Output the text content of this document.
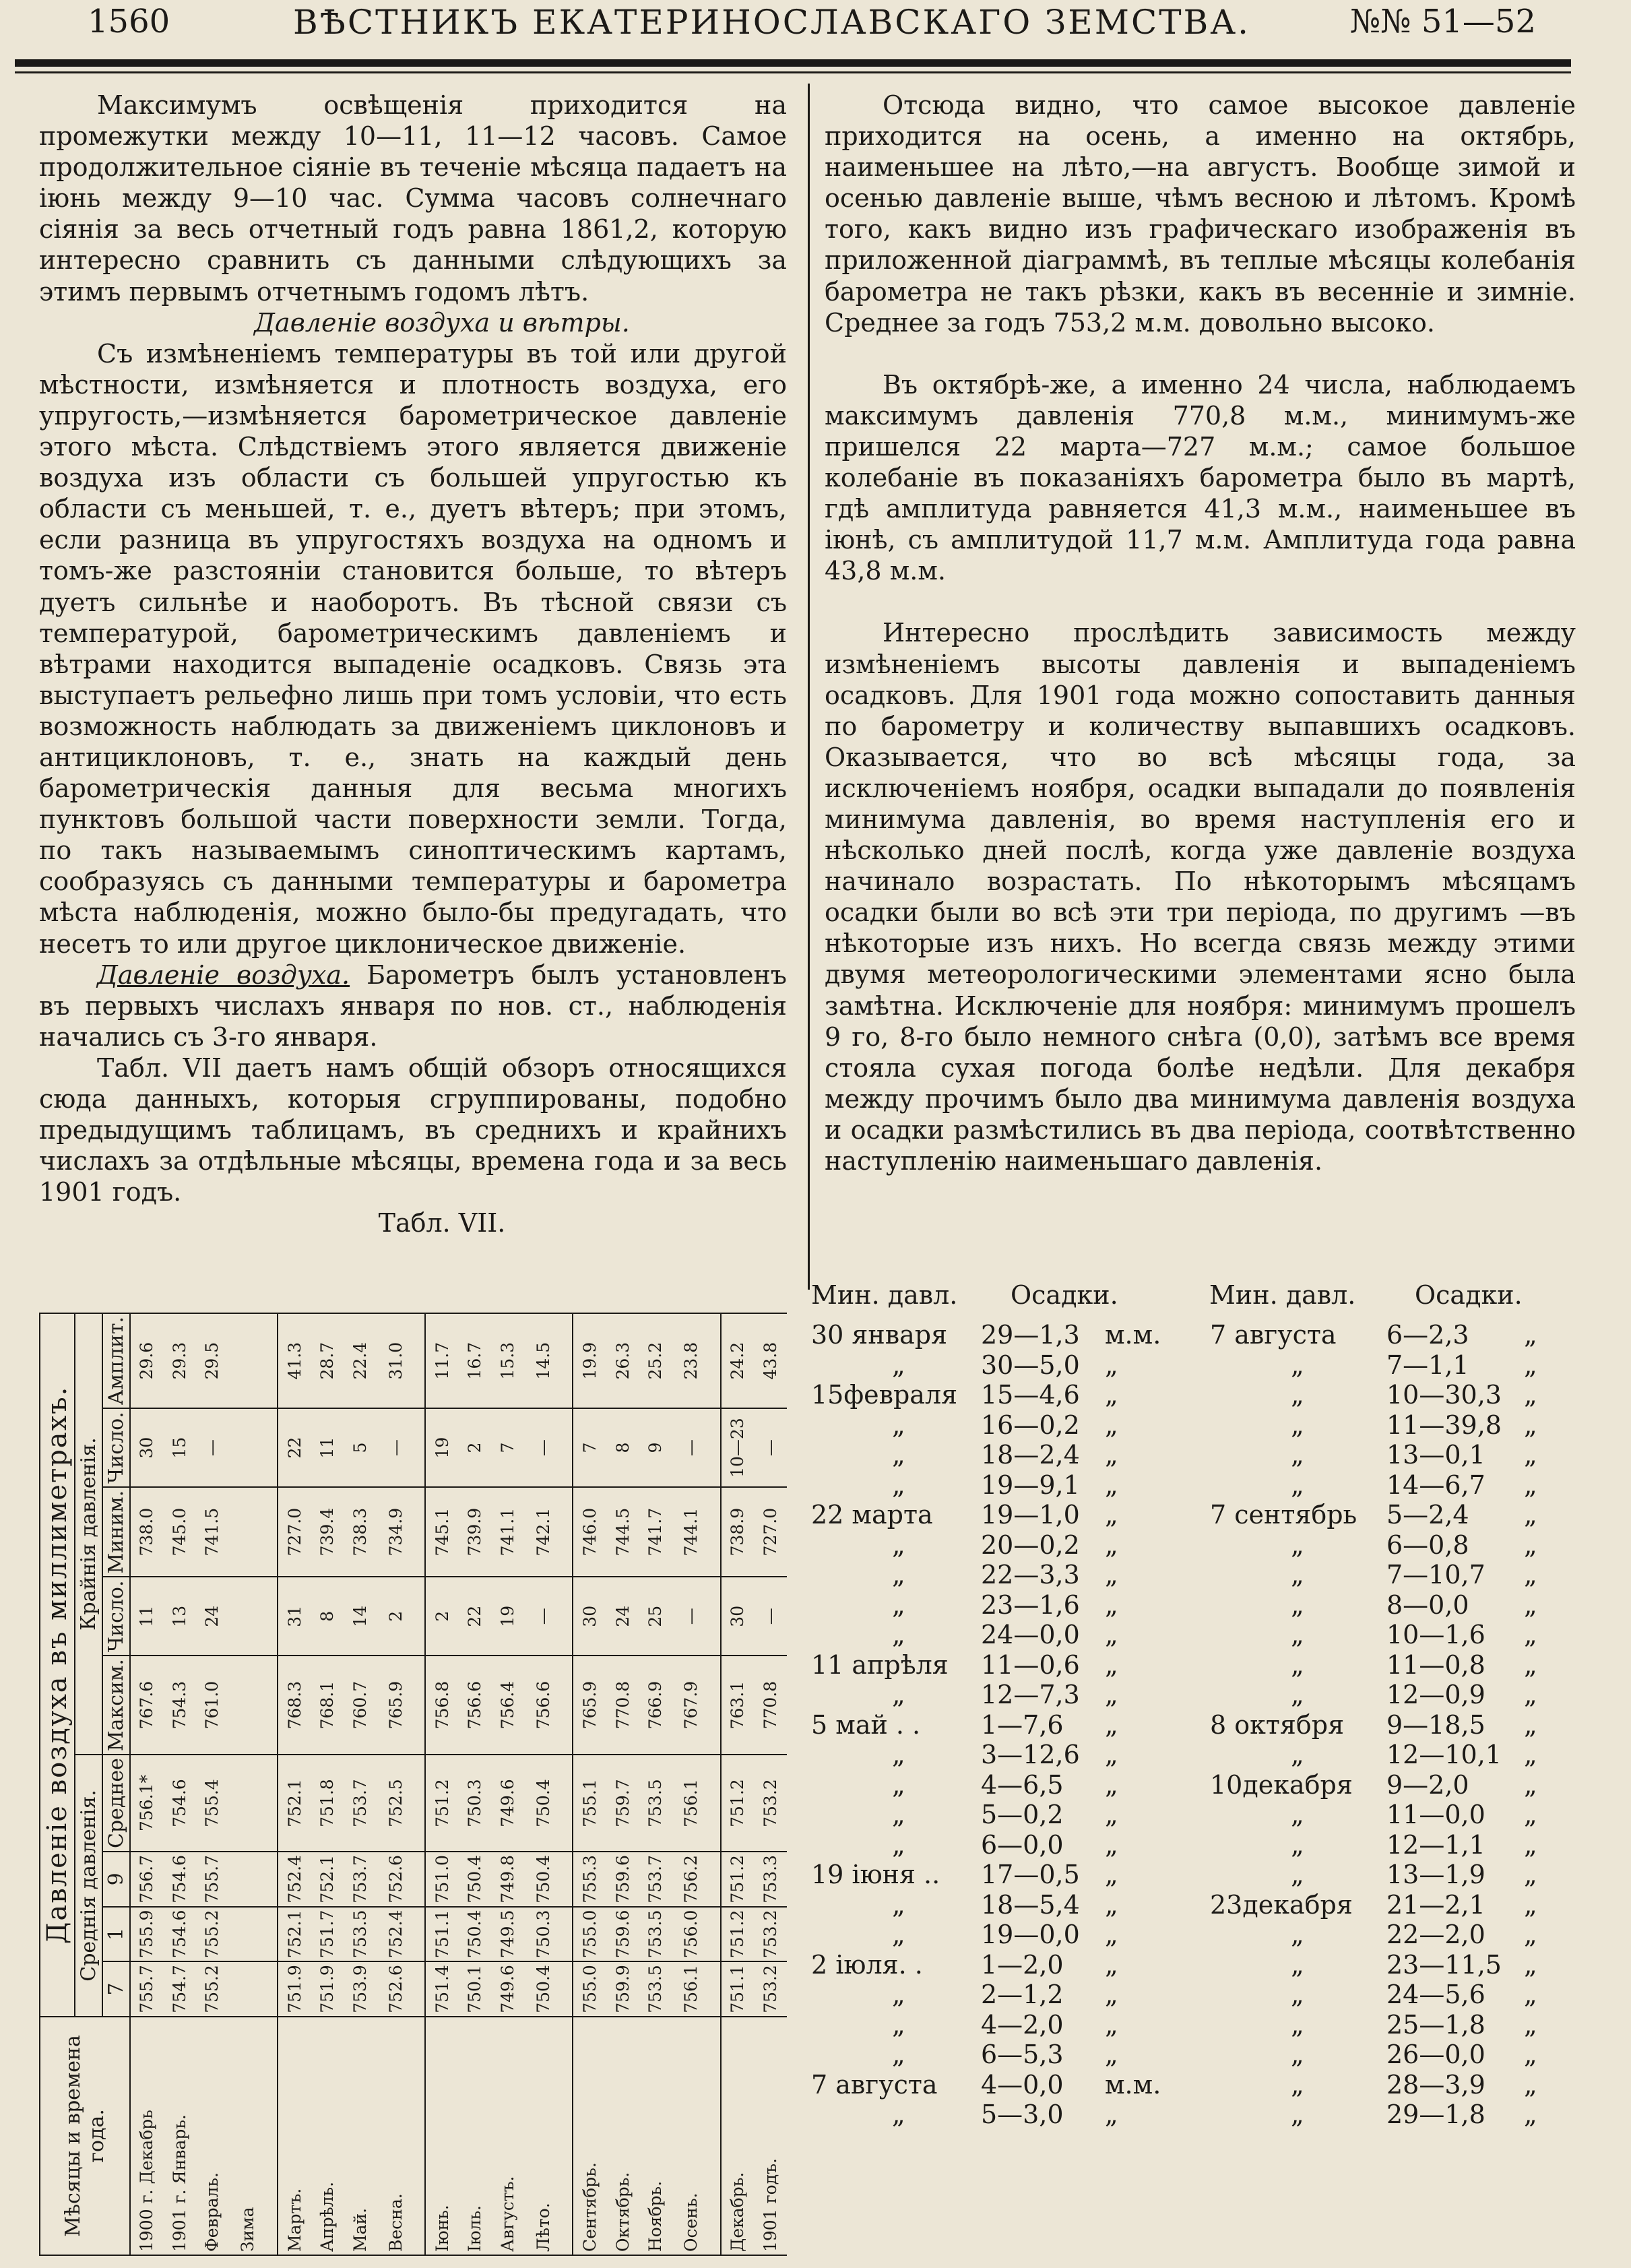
1560	ВѢСТНИКЪ ЕКАТЕРИНОСЛАВСКАГО ЗЕМСТВА.	№№ 51—52

Максимумъ освѣщенія приходится на промежутки между 10—11, 11—12 часовъ. Самое продолжительное сіяніе въ теченіе мѣсяца падаетъ на іюнь между 9—10 час. Сумма часовъ солнечнаго сіянія за весь отчетный годъ равна 1861,2, которую интересно сравнить съ данными слѣдующихъ за этимъ первымъ отчетнымъ годомъ лѣтъ.

Давленіе воздуха и вѣтры.

Съ измѣненіемъ температуры въ той или другой мѣстности, измѣняется и плотность воздуха, его упругость,—измѣняется барометрическое давленіе этого мѣста. Слѣдствіемъ этого является движеніе воздуха изъ области съ большей упругостью къ области съ меньшей, т. е., дуетъ вѣтеръ; при этомъ, если разница въ упругостяхъ воздуха на одномъ и томъ-же разстояніи становится больше, то вѣтеръ дуетъ сильнѣе и наоборотъ. Въ тѣсной связи съ температурой, барометрическимъ давленіемъ и вѣтрами находится выпаденіе осадковъ. Связь эта выступаетъ рельефно лишь при томъ условіи, что есть возможность наблюдать за движеніемъ циклоновъ и антициклоновъ, т. е., знать на каждый день барометрическія данныя для весьма многихъ пунктовъ большой части поверхности земли. Тогда, по такъ называемымъ синоптическимъ картамъ, сообразуясь съ данными температуры и барометра мѣста наблюденія, можно было-бы предугадать, что несетъ то или другое циклоническое движеніе.

Давленіе воздуха. Барометръ былъ установленъ въ первыхъ числахъ января по нов. ст., наблюденія начались съ 3-го января.

Табл. VII даетъ намъ общій обзоръ относящихся сюда данныхъ, которыя сгруппированы, подобно предыдущимъ таблицамъ, въ среднихъ и крайнихъ числахъ за отдѣльные мѣсяцы, времена года и за весь 1901 годъ.

Табл. VII.

Мѣсяцы и времена года.	Давленіе воздуха въ миллиметрахъ.								
	Среднія давленія.				Крайнія давленія.				
	7	1	9	Среднее	Максим.	Число.	Миним.	Число.	Амплит.
1900 г. Декабрь	755.7	755.9	756.7	756.1*	767.6	11	738.0	30	29.6
1901 г. Январь.	754.7	754.6	754.6	754.6	754.3	13	745.0	15	29.3
Февраль.	755.2	755.2	755.7	755.4	761.0	24	741.5	—	29.5
Зима									
Мартъ.	751.9	752.1	752.4	752.1	768.3	31	727.0	22	41.3
Апрѣль.	751.9	751.7	752.1	751.8	768.1	8	739.4	11	28.7
Май.	753.9	753.5	753.7	753.7	760.7	14	738.3	5	22.4
Весна.	752.6	752.4	752.6	752.5	765.9	2	734.9	—	31.0
Іюнь.	751.4	751.1	751.0	751.2	756.8	2	745.1	19	11.7
Іюль.	750.1	750.4	750.4	750.3	756.6	22	739.9	2	16.7
Августъ.	749.6	749.5	749.8	749.6	756.4	19	741.1	7	15.3
Лѣто.	750.4	750.3	750.4	750.4	756.6	—	742.1	—	14.5
Сентябрь.	755.0	755.0	755.3	755.1	765.9	30	746.0	7	19.9
Октябрь.	759.9	759.6	759.6	759.7	770.8	24	744.5	8	26.3
Ноябрь.	753.5	753.5	753.7	753.5	766.9	25	741.7	9	25.2
Осень.	756.1	756.0	756.2	756.1	767.9	—	744.1	—	23.8
Декабрь.	751.1	751.2	751.2	751.2	763.1	30	738.9	10—23	24.2
1901 годъ.	753.2	753.2	753.3	753.2	770.8	—	727.0	—	43.8

Отсюда видно, что самое высокое давленіе приходится на осень, а именно на октябрь, наименьшее на лѣто,—на августъ. Вообще зимой и осенью давленіе выше, чѣмъ весною и лѣтомъ. Кромѣ того, какъ видно изъ графическаго изображенія въ приложенной діаграммѣ, въ теплые мѣсяцы колебанія барометра не такъ рѣзки, какъ въ весенніе и зимніе. Среднее за годъ 753,2 м.м. довольно высоко.

Въ октябрѣ-же, а именно 24 числа, наблюдаемъ максимумъ давленія 770,8 м.м., минимумъ-же пришелся 22 марта—727 м.м.; самое большое колебаніе въ показаніяхъ барометра было въ мартѣ, гдѣ амплитуда равняется 41,3 м.м., наименьшее въ іюнѣ, съ амплитудой 11,7 м.м. Амплитуда года равна 43,8 м.м.

Интересно прослѣдить зависимость между измѣненіемъ высоты давленія и выпаденіемъ осадковъ. Для 1901 года можно сопоставить данныя по барометру и количеству выпавшихъ осадковъ. Оказывается, что во всѣ мѣсяцы года, за исключеніемъ ноября, осадки выпадали до появленія минимума давленія, во время наступленія его и нѣсколько дней послѣ, когда уже давленіе воздуха начинало возрастать. По нѣкоторымъ мѣсяцамъ осадки были во всѣ эти три періода, по другимъ —въ нѣкоторые изъ нихъ. Но всегда связь между этими двумя метеорологическими элементами ясно была замѣтна. Исключеніе для ноября: минимумъ прошелъ 9 го, 8-го было немного снѣга (0,0), затѣмъ все время стояла сухая погода болѣе недѣли. Для декабря между прочимъ было два минимума давленія воздуха и осадки размѣстились въ два періода, соотвѣтственно наступленію наименьшаго давленія.

Мин. давл. Осадки.	Мин. давл. Осадки.
30 января 29—1,3 м.м.
„	30—5,0 „
15февраля 15—4,6 „
„	16—0,2 „
„	18—2,4 „
„	19—9,1 „
22 марта 19—1,0 „
„	20—0,2 „
„	22—3,3 „
„	23—1,6 „
„	24—0,0 „
11 апрѣля 11—0,6 „
„	12—7,3 „
5 май . . 1—7,6 „
„	3—12,6 „
„	4—6,5 „
„	5—0,2 „
„	6—0,0 „
19 іюня .. 17—0,5 „
„	18—5,4 „
„	19—0,0 „
2 іюля. . 1—2,0 „
„	2—1,2 „
„	4—2,0 „
„	6—5,3 „
7 августа 4—0,0 м.м.
„	5—3,0 „
7 августа 6—2,3 „
„	7—1,1 „
„	10—30,3 „
„	11—39,8 „
„	13—0,1 „
„	14—6,7 „
7 сентябрь 5—2,4 „
„	6—0,8 „
„	7—10,7 „
„	8—0,0 „
„	10—1,6 „
„	11—0,8 „
„	12—0,9 „
8 октября 9—18,5 „
„	12—10,1 „
10декабря 9—2,0 „
„	11—0,0 „
„	12—1,1 „
„	13—1,9 „
23декабря 21—2,1 „
„	22—2,0 „
„	23—11,5 „
„	24—5,6 „
„	25—1,8 „
„	26—0,0 „
„	28—3,9 „
„	29—1,8 „
